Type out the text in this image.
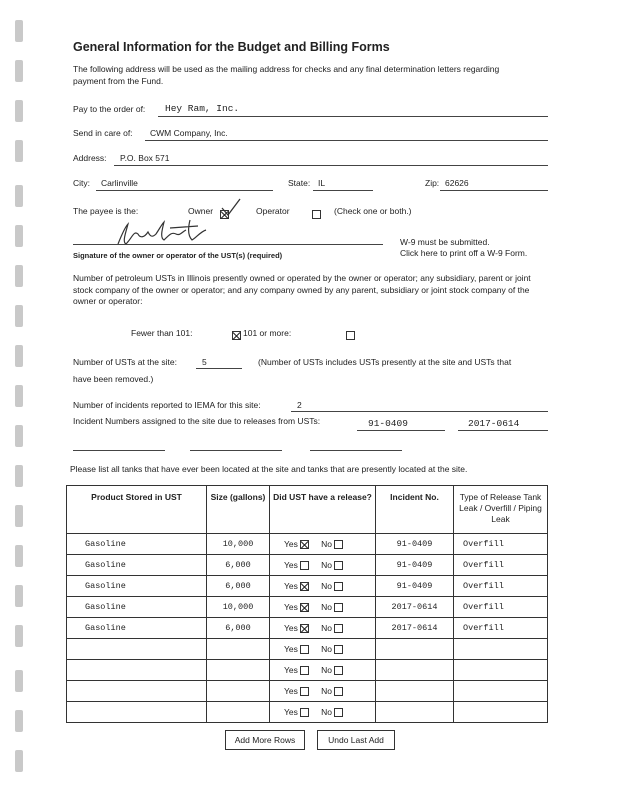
General Information for the Budget and Billing Forms
The following address will be used as the mailing address for checks and any final determination letters regarding payment from the Fund.
Pay to the order of: Hey Ram, Inc.
Send in care of: CWM Company, Inc.
Address: P.O. Box 571
City: Carlinville	State: IL	Zip: 62626
The payee is the:	Owner
	Operator
	(Check one or both.)
Signature of the owner or operator of the UST(s) (required)
W-9 must be submitted.
Click here to print off a W-9 Form.
Number of petroleum USTs in Illinois presently owned or operated by the owner or operator; any subsidiary, parent or joint stock company of the owner or operator; and any company owned by any parent, subsidiary or joint stock company of the owner or operator:
Fewer than 101:
	101 or more:
Number of USTs at the site:	5	(Number of USTs includes USTs presently at the site and USTs that
have been removed.)
Number of incidents reported to IEMA for this site:	2
Incident Numbers assigned to the site due to releases from USTs:	91-0409	2017-0614
Please list all tanks that have ever been located at the site and tanks that are presently located at the site.
Product Stored in UST	Size (gallons)	Did UST have a release?	Incident No.	Type of Release Tank Leak / Overfill / Piping Leak
Gasoline	10,000	Yes No	91-0409	Overfill
Gasoline	6,000	Yes No	91-0409	Overfill
Gasoline	6,000	Yes No	91-0409	Overfill
Gasoline	10,000	Yes No	2017-0614	Overfill
Gasoline	6,000	Yes No	2017-0614	Overfill
		Yes No		
		Yes No		
		Yes No		
		Yes No		
Add More Rows	Undo Last Add
